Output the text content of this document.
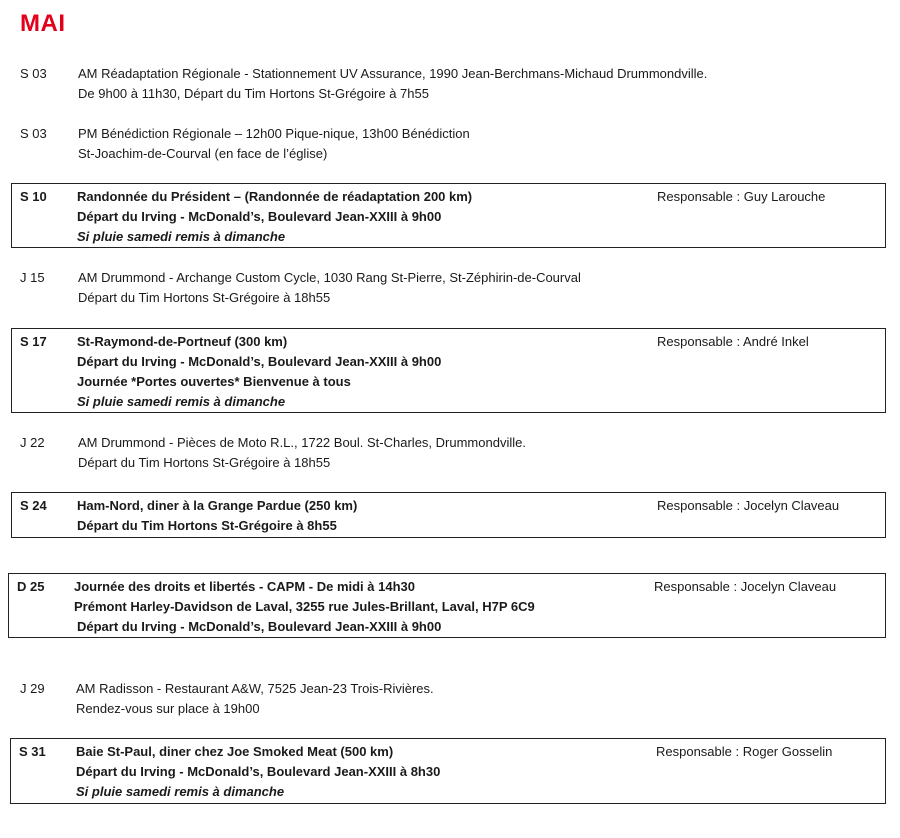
MAI
S 03 AM Réadaptation Régionale - Stationnement UV Assurance, 1990 Jean-Berchmans-Michaud Drummondville.
De 9h00 à 11h30, Départ du Tim Hortons St-Grégoire à 7h55
S 03 PM Bénédiction Régionale – 12h00 Pique-nique, 13h00 Bénédiction
St-Joachim-de-Courval (en face de l’église)
S 10 Randonnée du Président – (Randonnée de réadaptation 200 km)
Départ du Irving - McDonald’s, Boulevard Jean-XXIII à 9h00
Si pluie samedi remis à dimanche
Responsable : Guy Larouche
J 15	AM Drummond - Archange Custom Cycle, 1030 Rang St-Pierre, St-Zéphirin-de-Courval
Départ du Tim Hortons St-Grégoire à 18h55
S 17 St-Raymond-de-Portneuf (300 km)
Départ du Irving - McDonald’s, Boulevard Jean-XXIII à 9h00
Journée *Portes ouvertes* Bienvenue à tous
Si pluie samedi remis à dimanche
Responsable : André Inkel
J 22	AM Drummond - Pièces de Moto R.L., 1722 Boul. St-Charles, Drummondville.
Départ du Tim Hortons St-Grégoire à 18h55
S 24 Ham-Nord, diner à la Grange Pardue (250 km)
Départ du Tim Hortons St-Grégoire à 8h55
Responsable : Jocelyn Claveau
D 25 Journée des droits et libertés - CAPM - De midi à 14h30
Prémont Harley-Davidson de Laval, 3255 rue Jules-Brillant, Laval, H7P 6C9
Départ du Irving - McDonald’s, Boulevard Jean-XXIII à 9h00
Responsable : Jocelyn Claveau
J 29 AM Radisson - Restaurant A&W, 7525 Jean-23 Trois-Rivières.
Rendez-vous sur place à 19h00
S 31 Baie St-Paul, diner chez Joe Smoked Meat (500 km)
Départ du Irving - McDonald’s, Boulevard Jean-XXIII à 8h30
Si pluie samedi remis à dimanche
Responsable : Roger Gosselin
